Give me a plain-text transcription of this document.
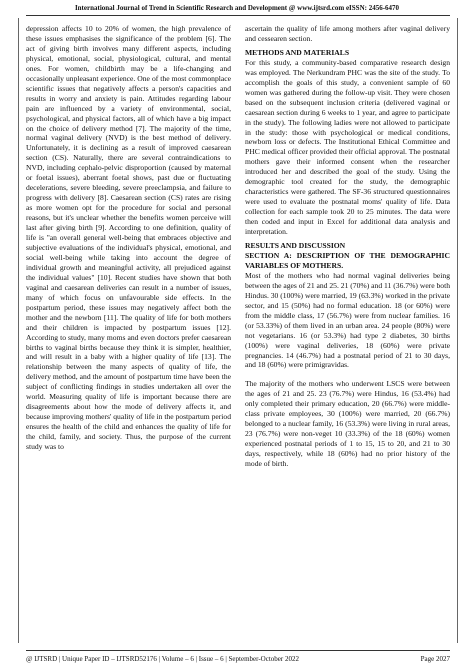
International Journal of Trend in Scientific Research and Development @ www.ijtsrd.com eISSN: 2456-6470

depression affects 10 to 20% of women, the high prevalence of these issues emphasises the significance of the problem [6]. The act of giving birth involves many different aspects, including physical, emotional, social, physiological, cultural, and mental ones. For women, childbirth may be a life-changing and occasionally unpleasant experience. One of the most commonplace scientific issues that negatively affects a person's capacities and results in worry and anxiety is pain. Attitudes regarding labour pain are influenced by a variety of environmental, social, psychological, and physical factors, all of which have a big impact on the choice of delivery method [7]. The majority of the time, normal vaginal delivery (NVD) is the best method of delivery. Unfortunately, it is declining as a result of improved caesarean section (CS). Naturally, there are several contraindications to NVD, including cephalo-pelvic disproportion (caused by maternal or foetal issues), aberrant foetal shows, past due or fluctuating decelerations, severe bleeding, severe preeclampsia, and failure to progress with delivery [8]. Caesarean section (CS) rates are rising as more women opt for the procedure for social and personal reasons, but it's unclear whether the benefits women perceive will last after giving birth [9]. According to one definition, quality of life is "an overall general well-being that embraces objective and subjective evaluations of the individual's physical, emotional, and social well-being while taking into account the degree of individual growth and meaningful activity, all prejudiced against the individual values" [10]. Recent studies have shown that both vaginal and caesarean deliveries can result in a number of issues, many of which focus on unfavourable side effects. In the postpartum period, these issues may negatively affect both the mother and the newborn [11]. The quality of life for both mothers and their children is impacted by postpartum issues [12]. According to study, many moms and even doctors prefer caesarean births to vaginal births because they think it is simpler, healthier, and will result in a baby with a higher quality of life [13]. The relationship between the many aspects of quality of life, the delivery method, and the amount of postpartum time have been the subject of conflicting findings in studies undertaken all over the world. Measuring quality of life is important because there are disagreements about how the mode of delivery affects it, and because improving mothers' quality of life in the postpartum period ensures the health of the child and enhances the quality of life for the child, family, and society. Thus, the purpose of the current study was to

ascertain the quality of life among mothers after vaginal delivery and cessearen section.

METHODS AND MATERIALS

For this study, a community-based comparative research design was employed. The Nerkundram PHC was the site of the study. To accomplish the goals of this study, a convenient sample of 60 women was gathered during the follow-up visit. They were chosen based on the subsequent inclusion criteria (delivered vaginal or caesarean section during 6 weeks to 1 year, and agree to participate in the study). The following ladies were not allowed to participate in the study: those with psychological or medical conditions, newborn loss or defects. The Institutional Ethical Committee and PHC medical officer provided their official approval. The postnatal mothers gave their informed consent when the researcher introduced her and described the goal of the study. Using the demographic tool created for the study, the demographic characteristics were gathered. The SF-36 structured questionnaires were used to evaluate the postnatal moms' quality of life. Data collection for each sample took 20 to 25 minutes. The data were then coded and input in Excel for additional data analysis and interpretation.

RESULTS AND DISCUSSION
SECTION A: DESCRIPTION OF THE DEMOGRAPHIC VARIABLES OF MOTHERS.

Most of the mothers who had normal vaginal deliveries being between the ages of 21 and 25. 21 (70%) and 11 (36.7%) were both Hindus. 30 (100%) were married, 19 (63.3%) worked in the private sector, and 15 (50%) had no formal education. 18 (or 60%) were from the middle class, 17 (56.7%) were from nuclear families. 16 (or 53.33%) of them lived in an urban area. 24 people (80%) were not vegetarians. 16 (or 53.3%) had type 2 diabetes, 30 births (100%) were vaginal deliveries, 18 (60%) were private pregnancies. 14 (46.7%) had a postnatal period of 21 to 30 days, and 18 (60%) were primigravidas.

The majority of the mothers who underwent LSCS were between the ages of 21 and 25. 23 (76.7%) were Hindus, 16 (53.4%) had only completed their primary education, 20 (66.7%) were middle-class private employees, 30 (100%) were married, 20 (66.7%) belonged to a nuclear family, 16 (53.3%) were living in rural areas, 23 (76.7%) were non-veget 10 (33.3%) of the 18 (60%) women experienced postnatal periods of 1 to 15, 15 to 20, and 21 to 30 days, respectively, while 18 (60%) had no prior history of the mode of birth.

@ IJTSRD | Unique Paper ID – IJTSRD52176 | Volume – 6 | Issue – 6 | September-October 2022	Page 2027
